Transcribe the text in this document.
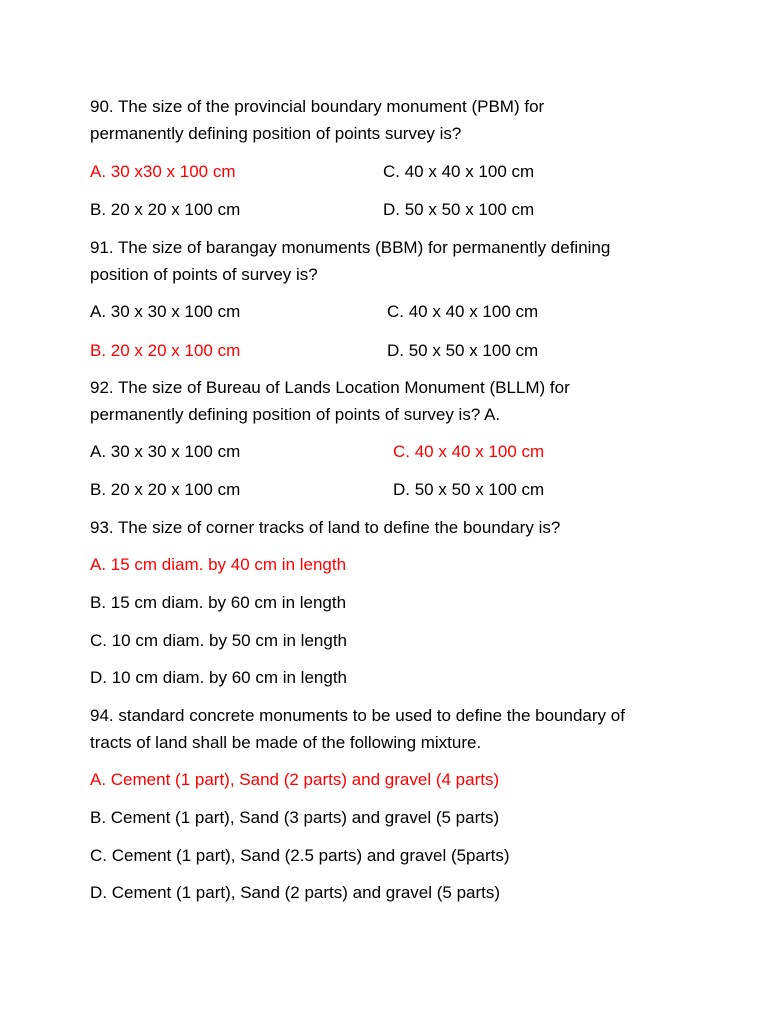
90. The size of the provincial boundary monument (PBM) for
permanently defining position of points survey is?
A. 30 x30 x 100 cm	C. 40 x 40 x 100 cm
B. 20 x 20 x 100 cm	D. 50 x 50 x 100 cm
91. The size of barangay monuments (BBM) for permanently defining
position of points of survey is?
A. 30 x 30 x 100 cm	C. 40 x 40 x 100 cm
B. 20 x 20 x 100 cm	D. 50 x 50 x 100 cm
92. The size of Bureau of Lands Location Monument (BLLM) for
permanently defining position of points of survey is? A.
A. 30 x 30 x 100 cm	C. 40 x 40 x 100 cm
B. 20 x 20 x 100 cm	D. 50 x 50 x 100 cm
93. The size of corner tracks of land to define the boundary is?
A. 15 cm diam. by 40 cm in length
B. 15 cm diam. by 60 cm in length
C. 10 cm diam. by 50 cm in length
D. 10 cm diam. by 60 cm in length
94. standard concrete monuments to be used to define the boundary of
tracts of land shall be made of the following mixture.
A. Cement (1 part), Sand (2 parts) and gravel (4 parts)
B. Cement (1 part), Sand (3 parts) and gravel (5 parts)
C. Cement (1 part), Sand (2.5 parts) and gravel (5parts)
D. Cement (1 part), Sand (2 parts) and gravel (5 parts)
